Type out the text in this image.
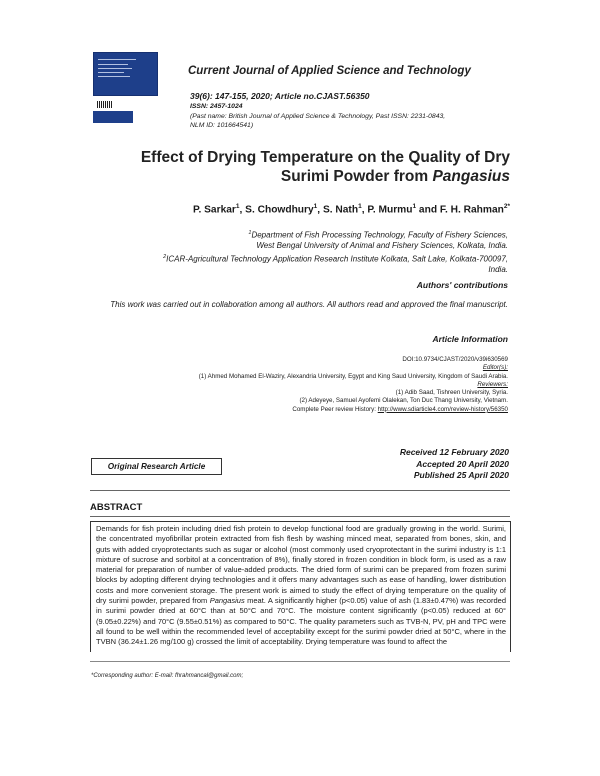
Current Journal of Applied Science and Technology
39(6): 147-155, 2020; Article no.CJAST.56350
ISSN: 2457-1024
(Past name: British Journal of Applied Science & Technology, Past ISSN: 2231-0843,
NLM ID: 101664541)
Effect of Drying Temperature on the Quality of Dry Surimi Powder from Pangasius
P. Sarkar$^1$, S. Chowdhury$^1$, S. Nath$^1$, P. Murmu$^1$ and F. H. Rahman$^{2*}$
$^1$Department of Fish Processing Technology, Faculty of Fishery Sciences,
West Bengal University of Animal and Fishery Sciences, Kolkata, India.
$^2$ICAR-Agricultural Technology Application Research Institute Kolkata, Salt Lake, Kolkata-700097,
India.
Authors' contributions
This work was carried out in collaboration among all authors. All authors read and approved the final manuscript.
Article Information
DOI:10.9734/CJAST/2020/v39i630569
Editor(s):
(1) Ahmed Mohamed El-Waziry, Alexandria University, Egypt and King Saud University, Kingdom of Saudi Arabia.
Reviewers:
(1) Adib Saad, Tishreen University, Syria.
(2) Adeyeye, Samuel Ayofemi Olalekan, Ton Duc Thang University, Vietnam.
Complete Peer review History: http://www.sdiarticle4.com/review-history/56350
Original Research Article
Received 12 February 2020
Accepted 20 April 2020
Published 25 April 2020
ABSTRACT
Demands for fish protein including dried fish protein to develop functional food are gradually growing in the world. Surimi, the concentrated myofibrillar protein extracted from fish flesh by washing minced meat, separated from bones, skin, and guts with added cryoprotectants such as sugar or alcohol (most commonly used cryoprotectant in the surimi industry is 1:1 mixture of sucrose and sorbitol at a concentration of 8%), finally stored in frozen condition in block form, is used as a raw material for preparation of number of value-added products. The dried form of surimi can be prepared from frozen surimi blocks by adopting different drying technologies and it offers many advantages such as ease of handling, lower distribution costs and more convenient storage. The present work is aimed to study the effect of drying temperature on the quality of dry surimi powder, prepared from Pangasius meat. A significantly higher (p<0.05) value of ash (1.83±0.47%) was recorded in surimi powder dried at 60°C than at 50°C and 70°C. The moisture content significantly (p<0.05) reduced at 60° (9.05±0.22%) and 70°C (9.55±0.51%) as compared to 50°C. The quality parameters such as TVB-N, PV, pH and TPC were all found to be well within the recommended level of acceptability except for the surimi powder dried at 50°C, where in the TVBN (36.24±1.26 mg/100 g) crossed the limit of acceptability. Drying temperature was found to affect the
*Corresponding author: E-mail: fhrahmancal@gmail.com;
